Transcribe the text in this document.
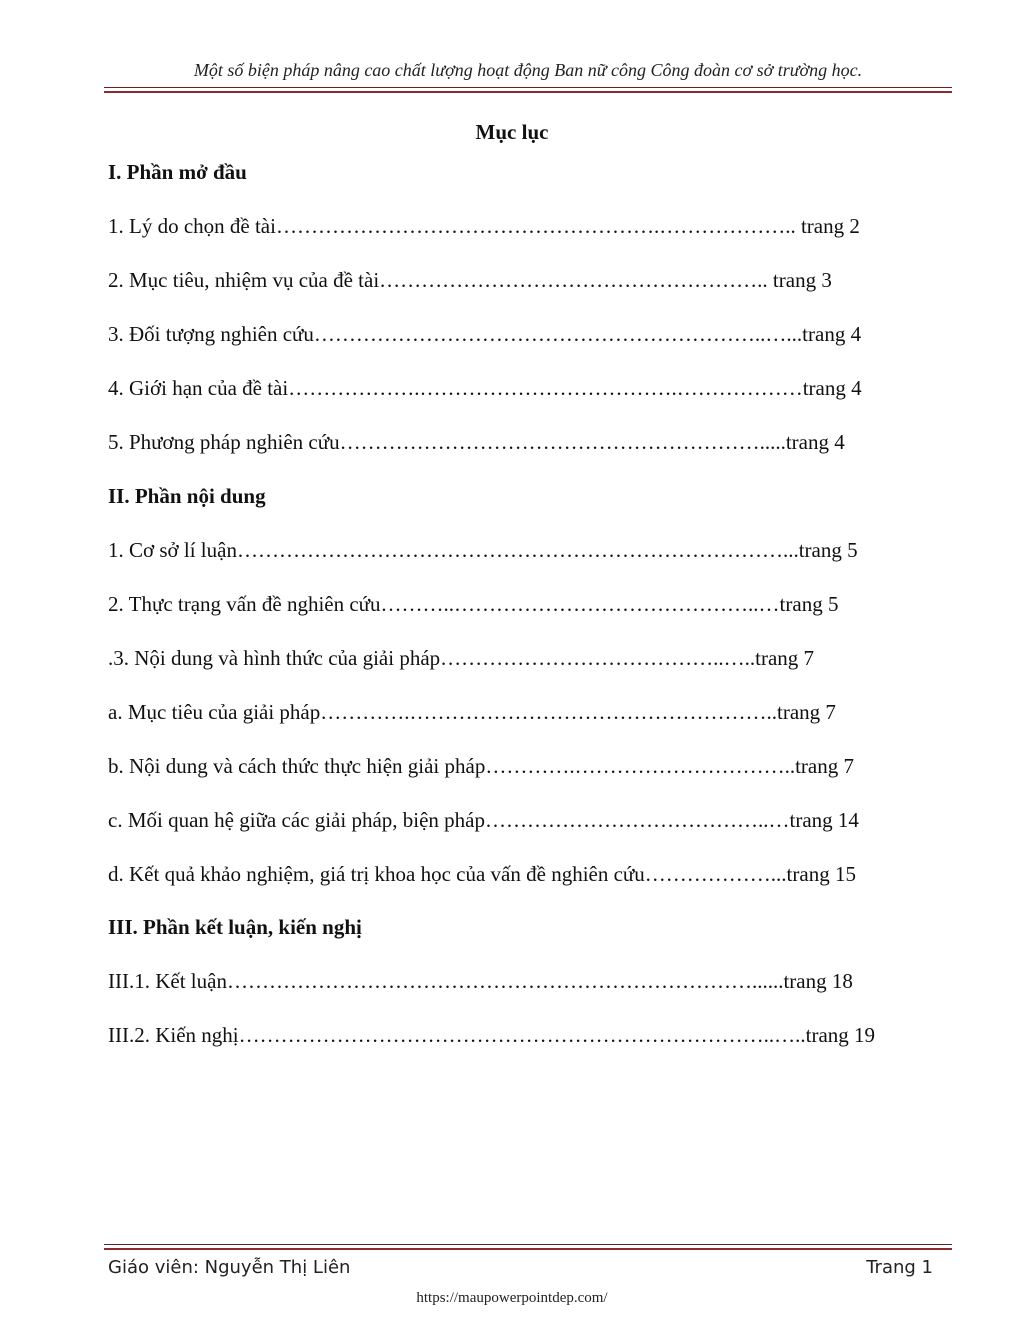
Một số biện pháp nâng cao chất lượng hoạt động Ban nữ công Công đoàn cơ sở trường học.
Mục lục
I. Phần mở đầu
1. Lý do chọn đề tài……………………………………………….……………….. trang 2
2. Mục tiêu, nhiệm vụ của đề tài……………………………………………….. trang 3
3. Đối tượng nghiên cứu………………………………………………………..…...trang 4
4. Giới hạn của đề tài……………….……………………………….………………trang 4
5. Phương pháp nghiên cứu…………………………………………………….....trang 4
II. Phần nội dung
1. Cơ sở lí luận……………………………………………………………………...trang 5
2. Thực trạng vấn đề nghiên cứu………..……………………………………..…trang 5
.3. Nội dung và hình thức của giải pháp…………………………………..…..trang 7
a. Mục tiêu của giải pháp………….……………………………………………..trang 7
b. Nội dung và cách thức thực hiện giải pháp………….…………………………..trang 7
c. Mối quan hệ giữa các giải pháp, biện pháp…………………………………..…trang 14
d. Kết quả khảo nghiệm, giá trị khoa học của vấn đề nghiên cứu………………...trang 15
III. Phần kết luận, kiến nghị
III.1. Kết luận…………………………………………………………………......trang 18
III.2. Kiến nghị…………………………………………………………………..…..trang 19
Giáo viên: Nguyễn Thị Liên	Trang 1
https://maupowerpointdep.com/
